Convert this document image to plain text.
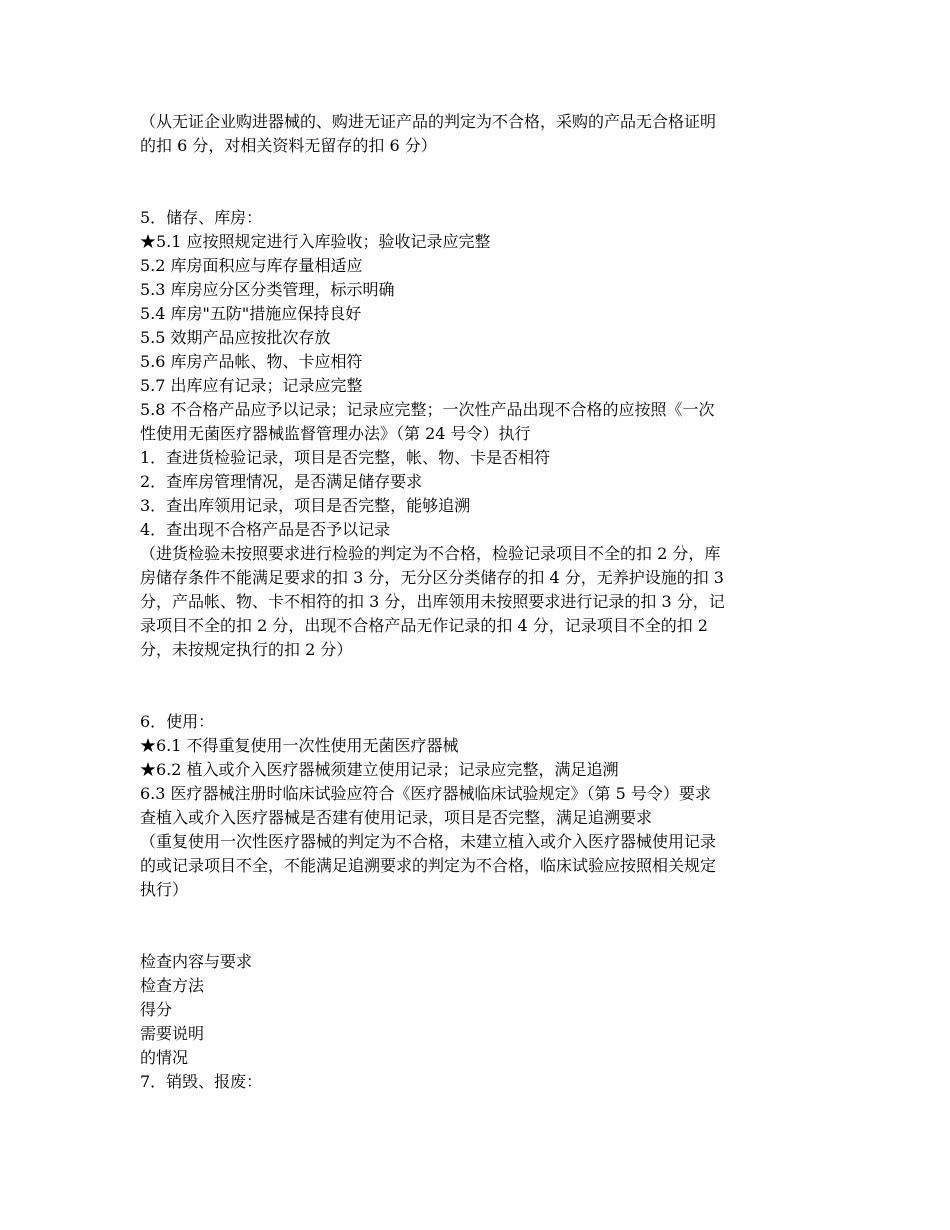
（从无证企业购进器械的、购进无证产品的判定为不合格，采购的产品无合格证明

的扣 6 分，对相关资料无留存的扣 6 分）

5．储存、库房：

★5.1 应按照规定进行入库验收；验收记录应完整

5.2 库房面积应与库存量相适应

5.3 库房应分区分类管理，标示明确

5.4 库房"五防"措施应保持良好

5.5 效期产品应按批次存放

5.6 库房产品帐、物、卡应相符

5.7 出库应有记录；记录应完整

5.8 不合格产品应予以记录；记录应完整；一次性产品出现不合格的应按照《一次

性使用无菌医疗器械监督管理办法》（第 24 号令）执行

1．查进货检验记录，项目是否完整，帐、物、卡是否相符

2．查库房管理情况，是否满足储存要求

3．查出库领用记录，项目是否完整，能够追溯

4．查出现不合格产品是否予以记录

（进货检验未按照要求进行检验的判定为不合格，检验记录项目不全的扣 2 分，库

房储存条件不能满足要求的扣 3 分，无分区分类储存的扣 4 分，无养护设施的扣 3

分，产品帐、物、卡不相符的扣 3 分，出库领用未按照要求进行记录的扣 3 分，记

录项目不全的扣 2 分，出现不合格产品无作记录的扣 4 分，记录项目不全的扣 2

分，未按规定执行的扣 2 分）

6．使用：

★6.1 不得重复使用一次性使用无菌医疗器械

★6.2 植入或介入医疗器械须建立使用记录；记录应完整，满足追溯

6.3 医疗器械注册时临床试验应符合《医疗器械临床试验规定》（第 5 号令）要求

查植入或介入医疗器械是否建有使用记录，项目是否完整，满足追溯要求

（重复使用一次性医疗器械的判定为不合格，未建立植入或介入医疗器械使用记录

的或记录项目不全，不能满足追溯要求的判定为不合格，临床试验应按照相关规定

执行）

检查内容与要求

检查方法

得分

需要说明

的情况

7．销毁、报废：
